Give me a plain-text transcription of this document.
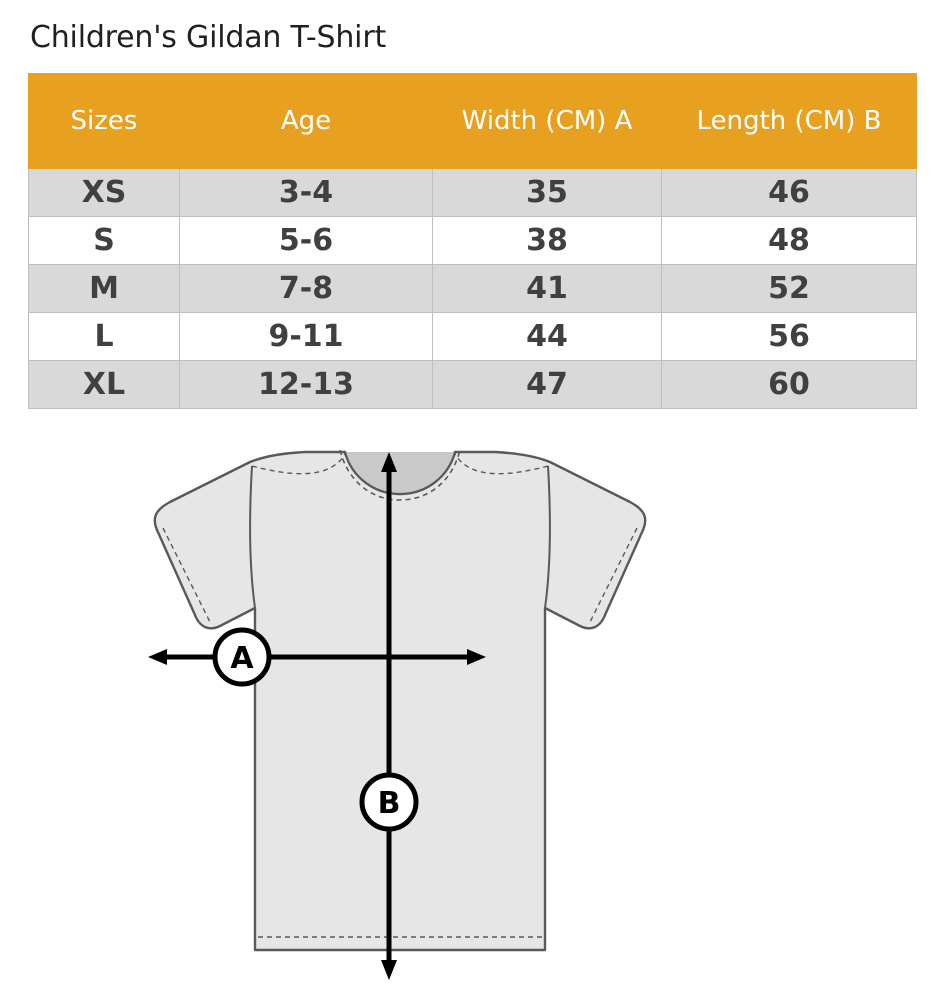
Children's Gildan T-Shirt
Sizes	Age	Width (CM) A	Length (CM) B
XS	3-4	35	46
S	5-6	38	48
M	7-8	41	52
L	9-11	44	56
XL	12-13	47	60
A
B
